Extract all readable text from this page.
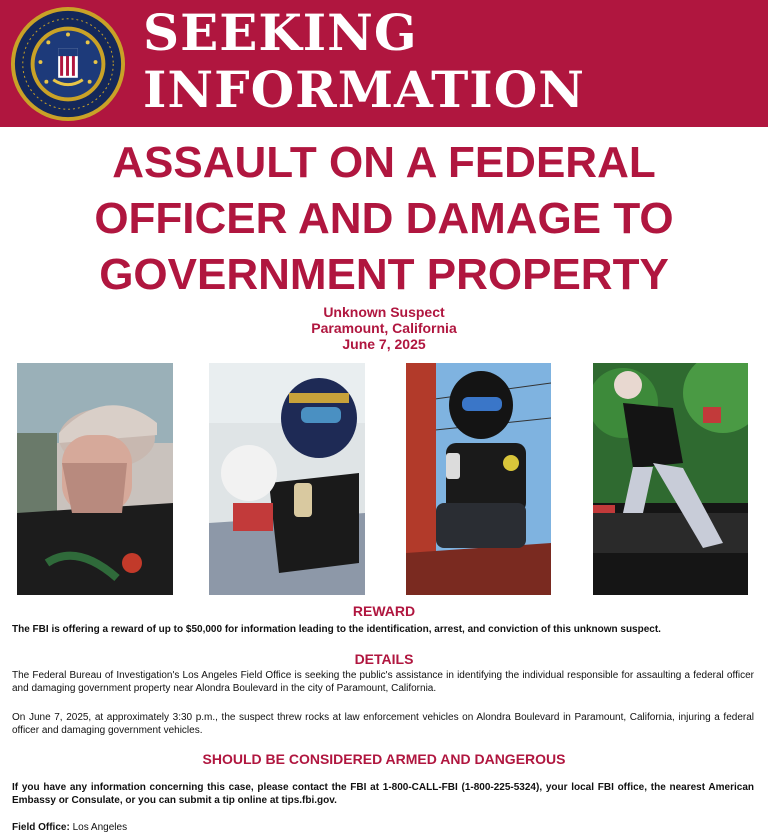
SEEKING
INFORMATION
ASSAULT ON A FEDERAL
OFFICER AND DAMAGE TO
GOVERNMENT PROPERTY
Unknown Suspect
Paramount, California
June 7, 2025
REWARD
The FBI is offering a reward of up to $50,000 for information leading to the identification, arrest, and conviction of this unknown suspect.
DETAILS
The Federal Bureau of Investigation's Los Angeles Field Office is seeking the public's assistance in identifying the individual responsible for assaulting a federal officer and damaging government property near Alondra Boulevard in the city of Paramount, California.
On June 7, 2025, at approximately 3:30 p.m., the suspect threw rocks at law enforcement vehicles on Alondra Boulevard in Paramount, California, injuring a federal officer and damaging government vehicles.
SHOULD BE CONSIDERED ARMED AND DANGEROUS
If you have any information concerning this case, please contact the FBI at 1-800-CALL-FBI (1-800-225-5324), your local FBI office, the nearest American Embassy or Consulate, or you can submit a tip online at tips.fbi.gov.
Field Office: Los Angeles
